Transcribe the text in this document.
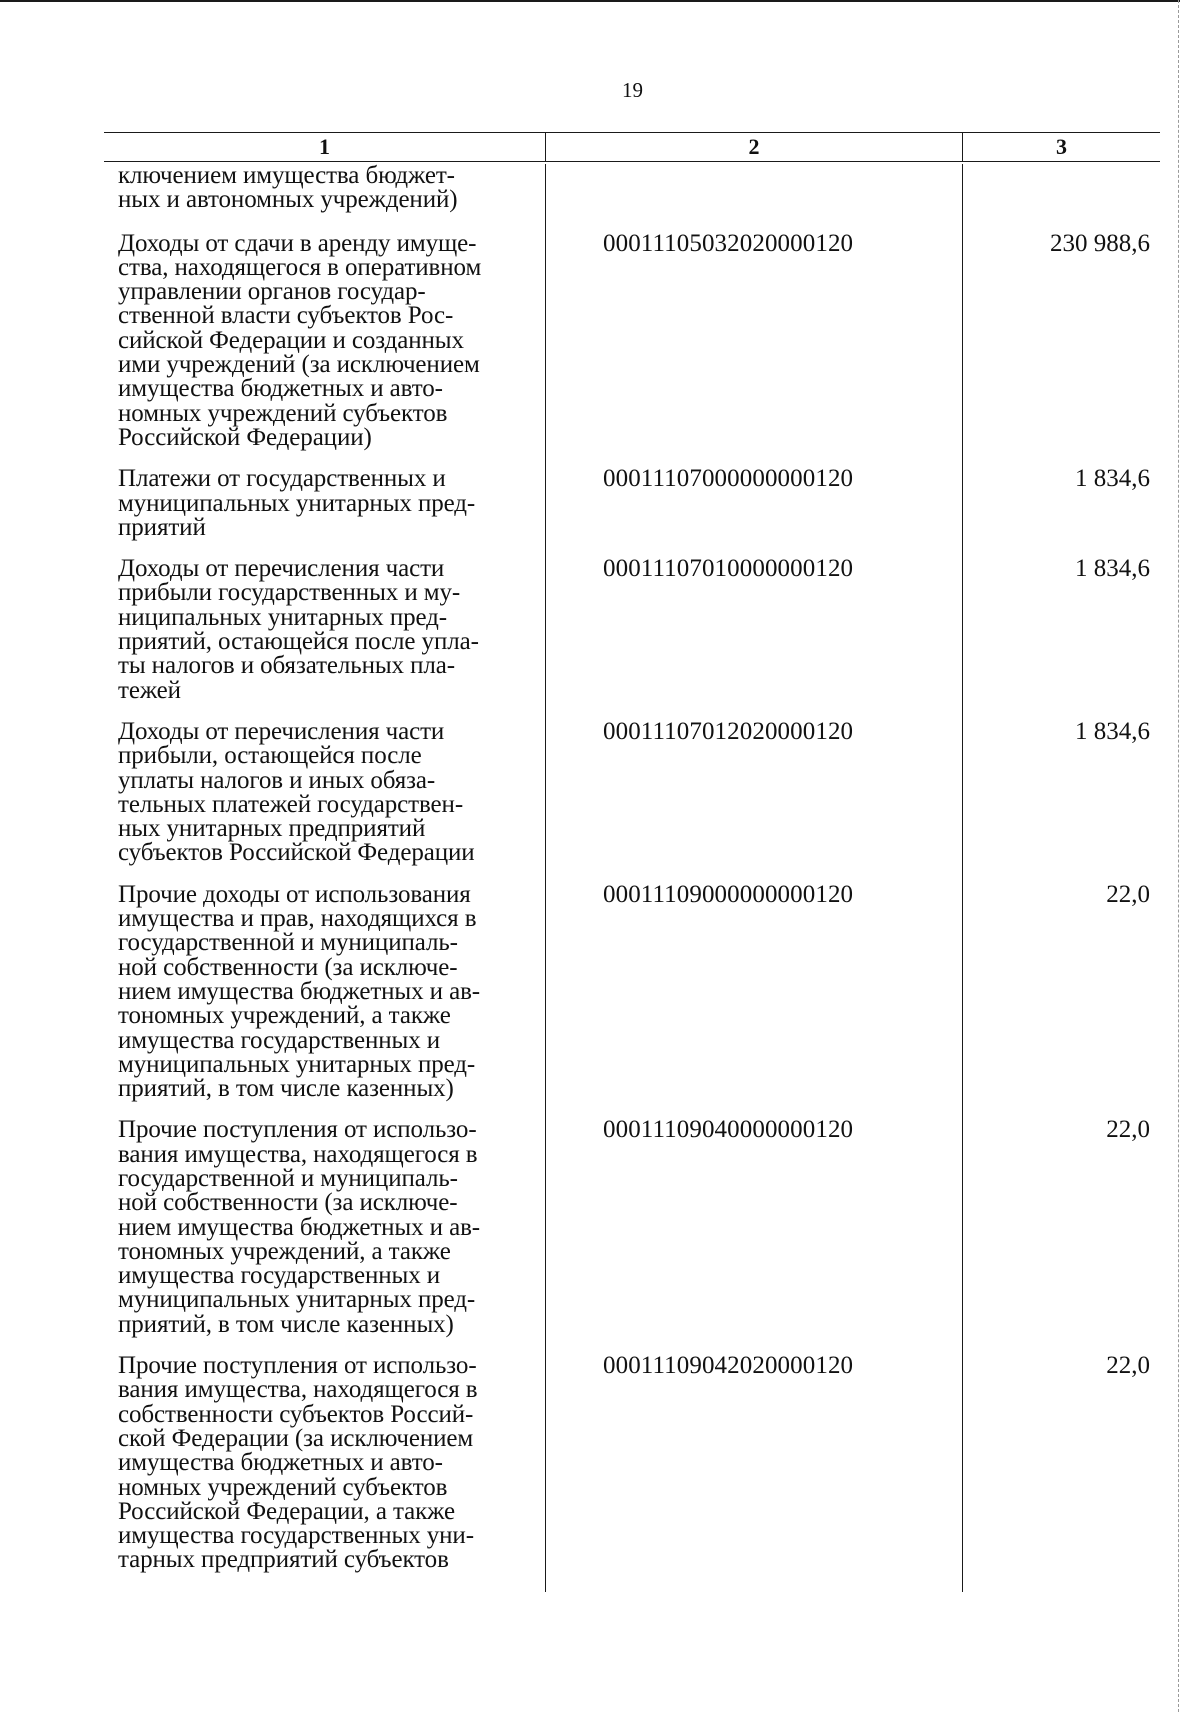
19
1	2	3
ключением имущества бюджет-
ных и автономных учреждений)
Доходы от сдачи в аренду имуще-
ства, находящегося в оперативном
управлении органов государ-
ственной власти субъектов Рос-
сийской Федерации и созданных
ими учреждений (за исключением
имущества бюджетных и авто-
номных учреждений субъектов
Российской Федерации)
00011105032020000120	230 988,6
Платежи от государственных и
муниципальных унитарных пред-
приятий
00011107000000000120	1 834,6
Доходы от перечисления части
прибыли государственных и му-
ниципальных унитарных пред-
приятий, остающейся после упла-
ты налогов и обязательных пла-
тежей
00011107010000000120	1 834,6
Доходы от перечисления части
прибыли, остающейся после
уплаты налогов и иных обяза-
тельных платежей государствен-
ных унитарных предприятий
субъектов Российской Федерации
00011107012020000120	1 834,6
Прочие доходы от использования
имущества и прав, находящихся в
государственной и муниципаль-
ной собственности (за исключе-
нием имущества бюджетных и ав-
тономных учреждений, а также
имущества государственных и
муниципальных унитарных пред-
приятий, в том числе казенных)
00011109000000000120	22,0
Прочие поступления от использо-
вания имущества, находящегося в
государственной и муниципаль-
ной собственности (за исключе-
нием имущества бюджетных и ав-
тономных учреждений, а также
имущества государственных и
муниципальных унитарных пред-
приятий, в том числе казенных)
00011109040000000120	22,0
Прочие поступления от использо-
вания имущества, находящегося в
собственности субъектов Россий-
ской Федерации (за исключением
имущества бюджетных и авто-
номных учреждений субъектов
Российской Федерации, а также
имущества государственных уни-
тарных предприятий субъектов
00011109042020000120	22,0
